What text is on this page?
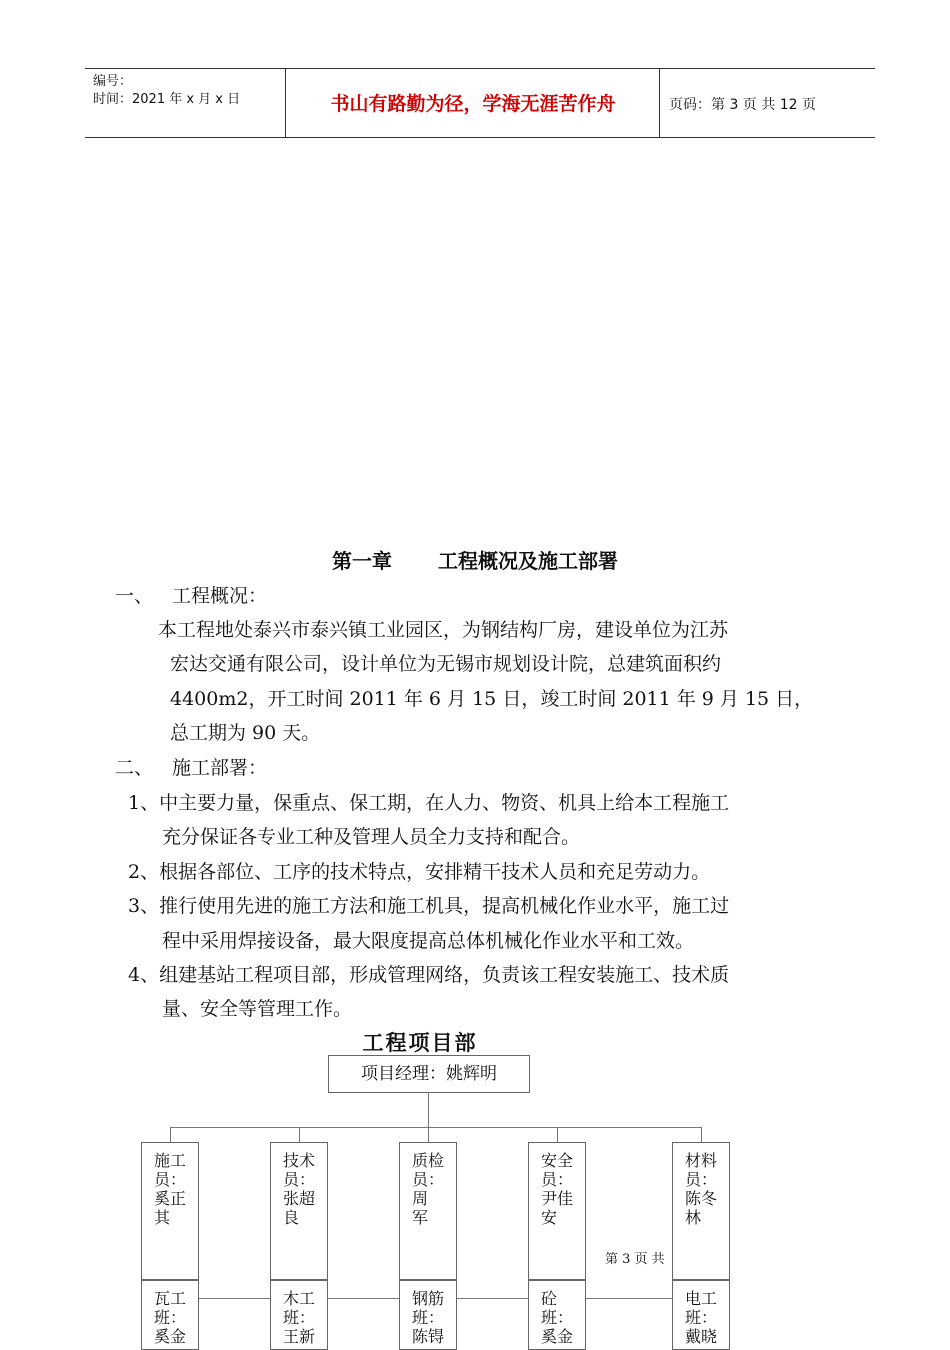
编号：
时间：2021 年 x 月 x 日	书山有路勤为径，学海无涯苦作舟	页码：第 3 页 共 12 页
第一章 工程概况及施工部署
一、 工程概况：
本工程地处泰兴市泰兴镇工业园区，为钢结构厂房，建设单位为江苏
宏达交通有限公司，设计单位为无锡市规划设计院，总建筑面积约
4400m2，开工时间 2011 年 6 月 15 日，竣工时间 2011 年 9 月 15 日，
总工期为 90 天。
二、 施工部署：
1、中主要力量，保重点、保工期，在人力、物资、机具上给本工程施工
充分保证各专业工种及管理人员全力支持和配合。
2、根据各部位、工序的技术特点，安排精干技术人员和充足劳动力。
3、推行使用先进的施工方法和施工机具，提高机械化作业水平，施工过
程中采用焊接设备，最大限度提高总体机械化作业水平和工效。
4、组建基站工程项目部，形成管理网络，负责该工程安装施工、技术质
量、安全等管理工作。
工程项目部
项目经理：姚辉明
施工
员：
奚正
其
技术
员：
张超
良
质检
员：
周
军
安全
员：
尹佳
安
材料
员：
陈冬
林
第 3 页 共
瓦工
班：
奚金
木工
班：
王新
钢筋
班：
陈锝
砼
班：
奚金
电工
班：
戴晓
